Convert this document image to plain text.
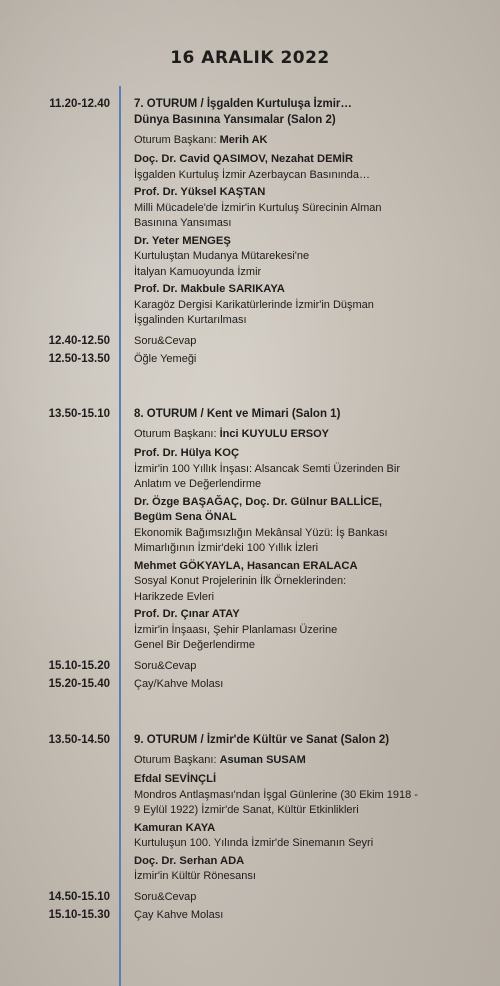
16 ARALIK 2022
11.20-12.40 7. OTURUM / İşgalden Kurtuluşa İzmir…
Dünya Basınına Yansımalar (Salon 2)
Oturum Başkanı: Merih AK
Doç. Dr. Cavid QASIMOV, Nezahat DEMİR
İşgalden Kurtuluş İzmir Azerbaycan Basınında…
Prof. Dr. Yüksel KAŞTAN
Milli Mücadele'de İzmir'in Kurtuluş Sürecinin Alman
Basınına Yansıması
Dr. Yeter MENGEŞ
Kurtuluştan Mudanya Mütarekesi'ne
İtalyan Kamuoyunda İzmir
Prof. Dr. Makbule SARIKAYA
Karagöz Dergisi Karikatürlerinde İzmir'in Düşman
İşgalinden Kurtarılması
12.40-12.50 Soru&Cevap
12.50-13.50 Öğle Yemeği
13.50-15.10 8. OTURUM / Kent ve Mimari (Salon 1)
Oturum Başkanı: İnci KUYULU ERSOY
Prof. Dr. Hülya KOÇ
İzmir'in 100 Yıllık İnşası: Alsancak Semti Üzerinden Bir
Anlatım ve Değerlendirme
Dr. Özge BAŞAĞAÇ, Doç. Dr. Gülnur BALLİCE,
Begüm Sena ÖNAL
Ekonomik Bağımsızlığın Mekânsal Yüzü: İş Bankası
Mimarlığının İzmir'deki 100 Yıllık İzleri
Mehmet GÖKYAYLA, Hasancan ERALACA
Sosyal Konut Projelerinin İlk Örneklerinden:
Harikzede Evleri
Prof. Dr. Çınar ATAY
İzmir'in İnşaası, Şehir Planlaması Üzerine
Genel Bir Değerlendirme
15.10-15.20 Soru&Cevap
15.20-15.40 Çay/Kahve Molası
13.50-14.50 9. OTURUM / İzmir'de Kültür ve Sanat (Salon 2)
Oturum Başkanı: Asuman SUSAM
Efdal SEVİNÇLİ
Mondros Antlaşması'ndan İşgal Günlerine (30 Ekim 1918 -
9 Eylül 1922) İzmir'de Sanat, Kültür Etkinlikleri
Kamuran KAYA
Kurtuluşun 100. Yılında İzmir'de Sinemanın Seyri
Doç. Dr. Serhan ADA
İzmir'in Kültür Rönesansı
14.50-15.10 Soru&Cevap
15.10-15.30 Çay Kahve Molası
